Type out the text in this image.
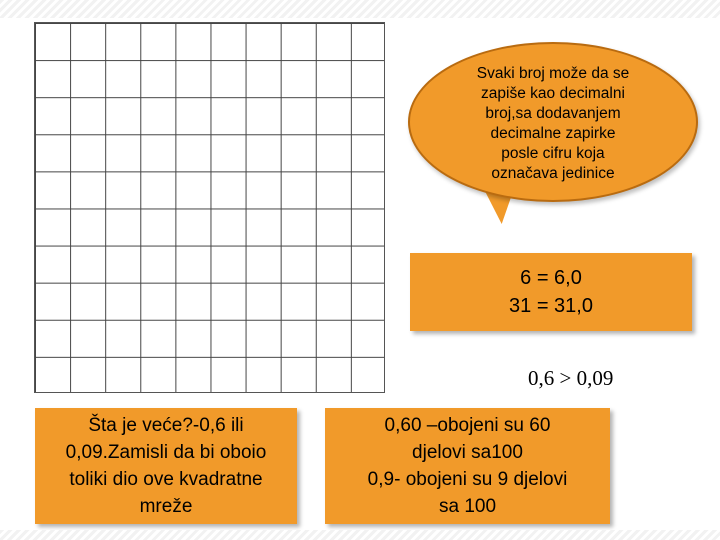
Svaki broj može da se
zapiše kao decimalni
broj,sa dodavanjem
decimalne zapirke
posle cifru koja
označava jedinice
6 = 6,0
31 = 31,0
0,6 > 0,09
Šta je veće?-0,6 ili
0,09.Zamisli da bi oboio
toliki dio ove kvadratne
mreže
0,60 –obojeni su 60
djelovi sa100
0,9- obojeni su 9 djelovi
sa 100
